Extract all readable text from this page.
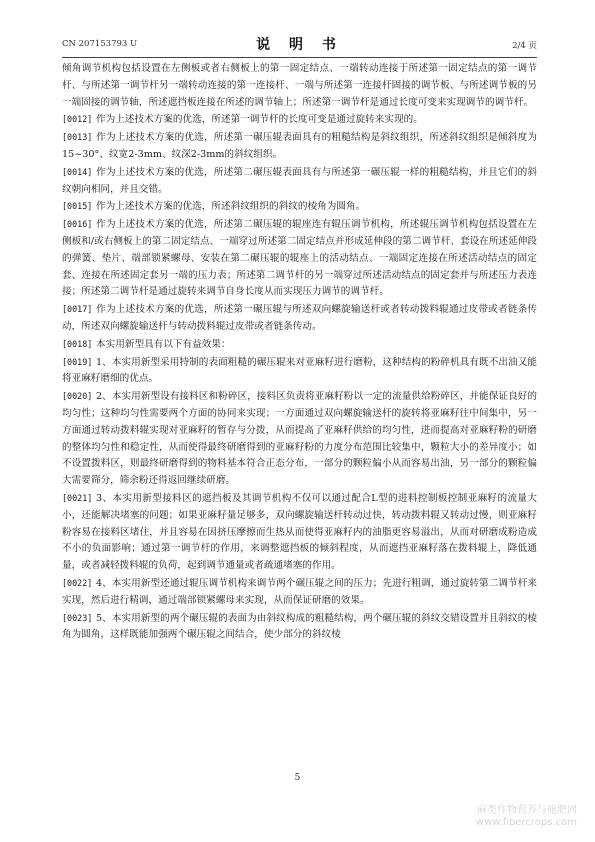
CN 207153793 U	说 明 书	2/4 页

倾角调节机构包括设置在左侧板或者右侧板上的第一固定结点、一端转动连接于所述第一固定结点的第一调节杆、与所述第一调节杆另一端转动连接的第一连接杆、一端与所述第一连接杆固接的调节板、与所述调节板的另一端固接的调节轴，所述遮挡板连接在所述的调节轴上；所述第一调节杆是通过长度可变来实现调节的调节杆。

[0012] 作为上述技术方案的优选，所述第一调节杆的长度可变是通过旋转来实现的。

[0013] 作为上述技术方案的优选，所述第一碾压辊表面具有的粗糙结构是斜纹组织，所述斜纹组织是倾斜度为15~30°、纹宽2-3mm、纹深2-3mm的斜纹组织。

[0014] 作为上述技术方案的优选，所述第二碾压辊表面具有与所述第一碾压辊一样的粗糙结构，并且它们的斜纹朝向相同，并且交错。

[0015] 作为上述技术方案的优选，所述斜纹组织的斜纹的棱角为圆角。

[0016] 作为上述技术方案的优选，所述第二碾压辊的辊座连有辊压调节机构，所述辊压调节机构包括设置在左侧板和/或右侧板上的第二固定结点、一端穿过所述第二固定结点并形成延伸段的第二调节杆、套设在所述延伸段的弹簧、垫片、端部锁紧螺母、安装在第二碾压辊的辊座上的活动结点、一端固定连接在所述活动结点的固定套、连接在所述固定套另一端的压力表；所述第二调节杆的另一端穿过所述活动结点的固定套并与所述压力表连接；所述第二调节杆是通过旋转来调节自身长度从而实现压力调节的调节杆。

[0017] 作为上述技术方案的优选，所述第一碾压辊与所述双向螺旋输送杆或者转动拨料辊通过皮带或者链条传动，所述双向螺旋输送杆与转动拨料辊过皮带或者链条传动。

[0018] 本实用新型具有以下有益效果：

[0019] 1、本实用新型采用特制的表面粗糙的碾压辊来对亚麻籽进行磨粉，这种结构的粉碎机具有既不出油又能将亚麻籽磨细的优点。

[0020] 2、本实用新型设有接料区和粉碎区，接料区负责将亚麻籽粉以一定的流量供给粉碎区，并能保证良好的均匀性；这种均匀性需要两个方面的协同来实现；一方面通过双向螺旋输送杆的旋转将亚麻籽往中间集中，另一方面通过转动拨料辊实现对亚麻籽的暂存与分拨，从而提高了亚麻籽供给的均匀性，进而提高对亚麻籽粉的研磨的整体均匀性和稳定性，从而使得最终研磨得到的亚麻籽粉的力度分布范围比较集中，颗粒大小的差异度小；如不设置拨料区，则最终研磨得到的物料基本符合正态分布，一部分的颗粒偏小从而容易出油，另一部分的颗粒偏大需要筛分，筛余粉还得返回继续研磨。

[0021] 3、本实用新型接料区的遮挡板及其调节机构不仅可以通过配合L型的进料控制板控制亚麻籽的流量大小，还能解决堵塞的问题；如果亚麻籽量足够多，双向螺旋输送杆转动过快，转动拨料辊又转动过慢，则亚麻籽粉容易在接料区堵住，并且容易在因挤压摩擦而生热从而使得亚麻籽内的油脂更容易溢出，从而对研磨成粉造成不小的负面影响；通过第一调节杆的作用，来调整遮挡板的倾斜程度，从而遮挡亚麻籽落在拨料辊上，降低通量，或者减轻拨料辊的负荷，起到调节通量或者疏通堵塞的作用。

[0022] 4、本实用新型还通过辊压调节机构来调节两个碾压辊之间的压力；先进行粗调，通过旋转第二调节杆来实现，然后进行精调，通过端部锁紧螺母来实现，从而保证研磨的效果。

[0023] 5、本实用新型的两个碾压辊的表面为由斜纹构成的粗糙结构，两个碾压辊的斜纹交错设置并且斜纹的棱角为圆角，这样既能加强两个碾压辊之间结合，使少部分的斜纹棱

5
麻类作物营养与施肥网
www.fibercrops.com
